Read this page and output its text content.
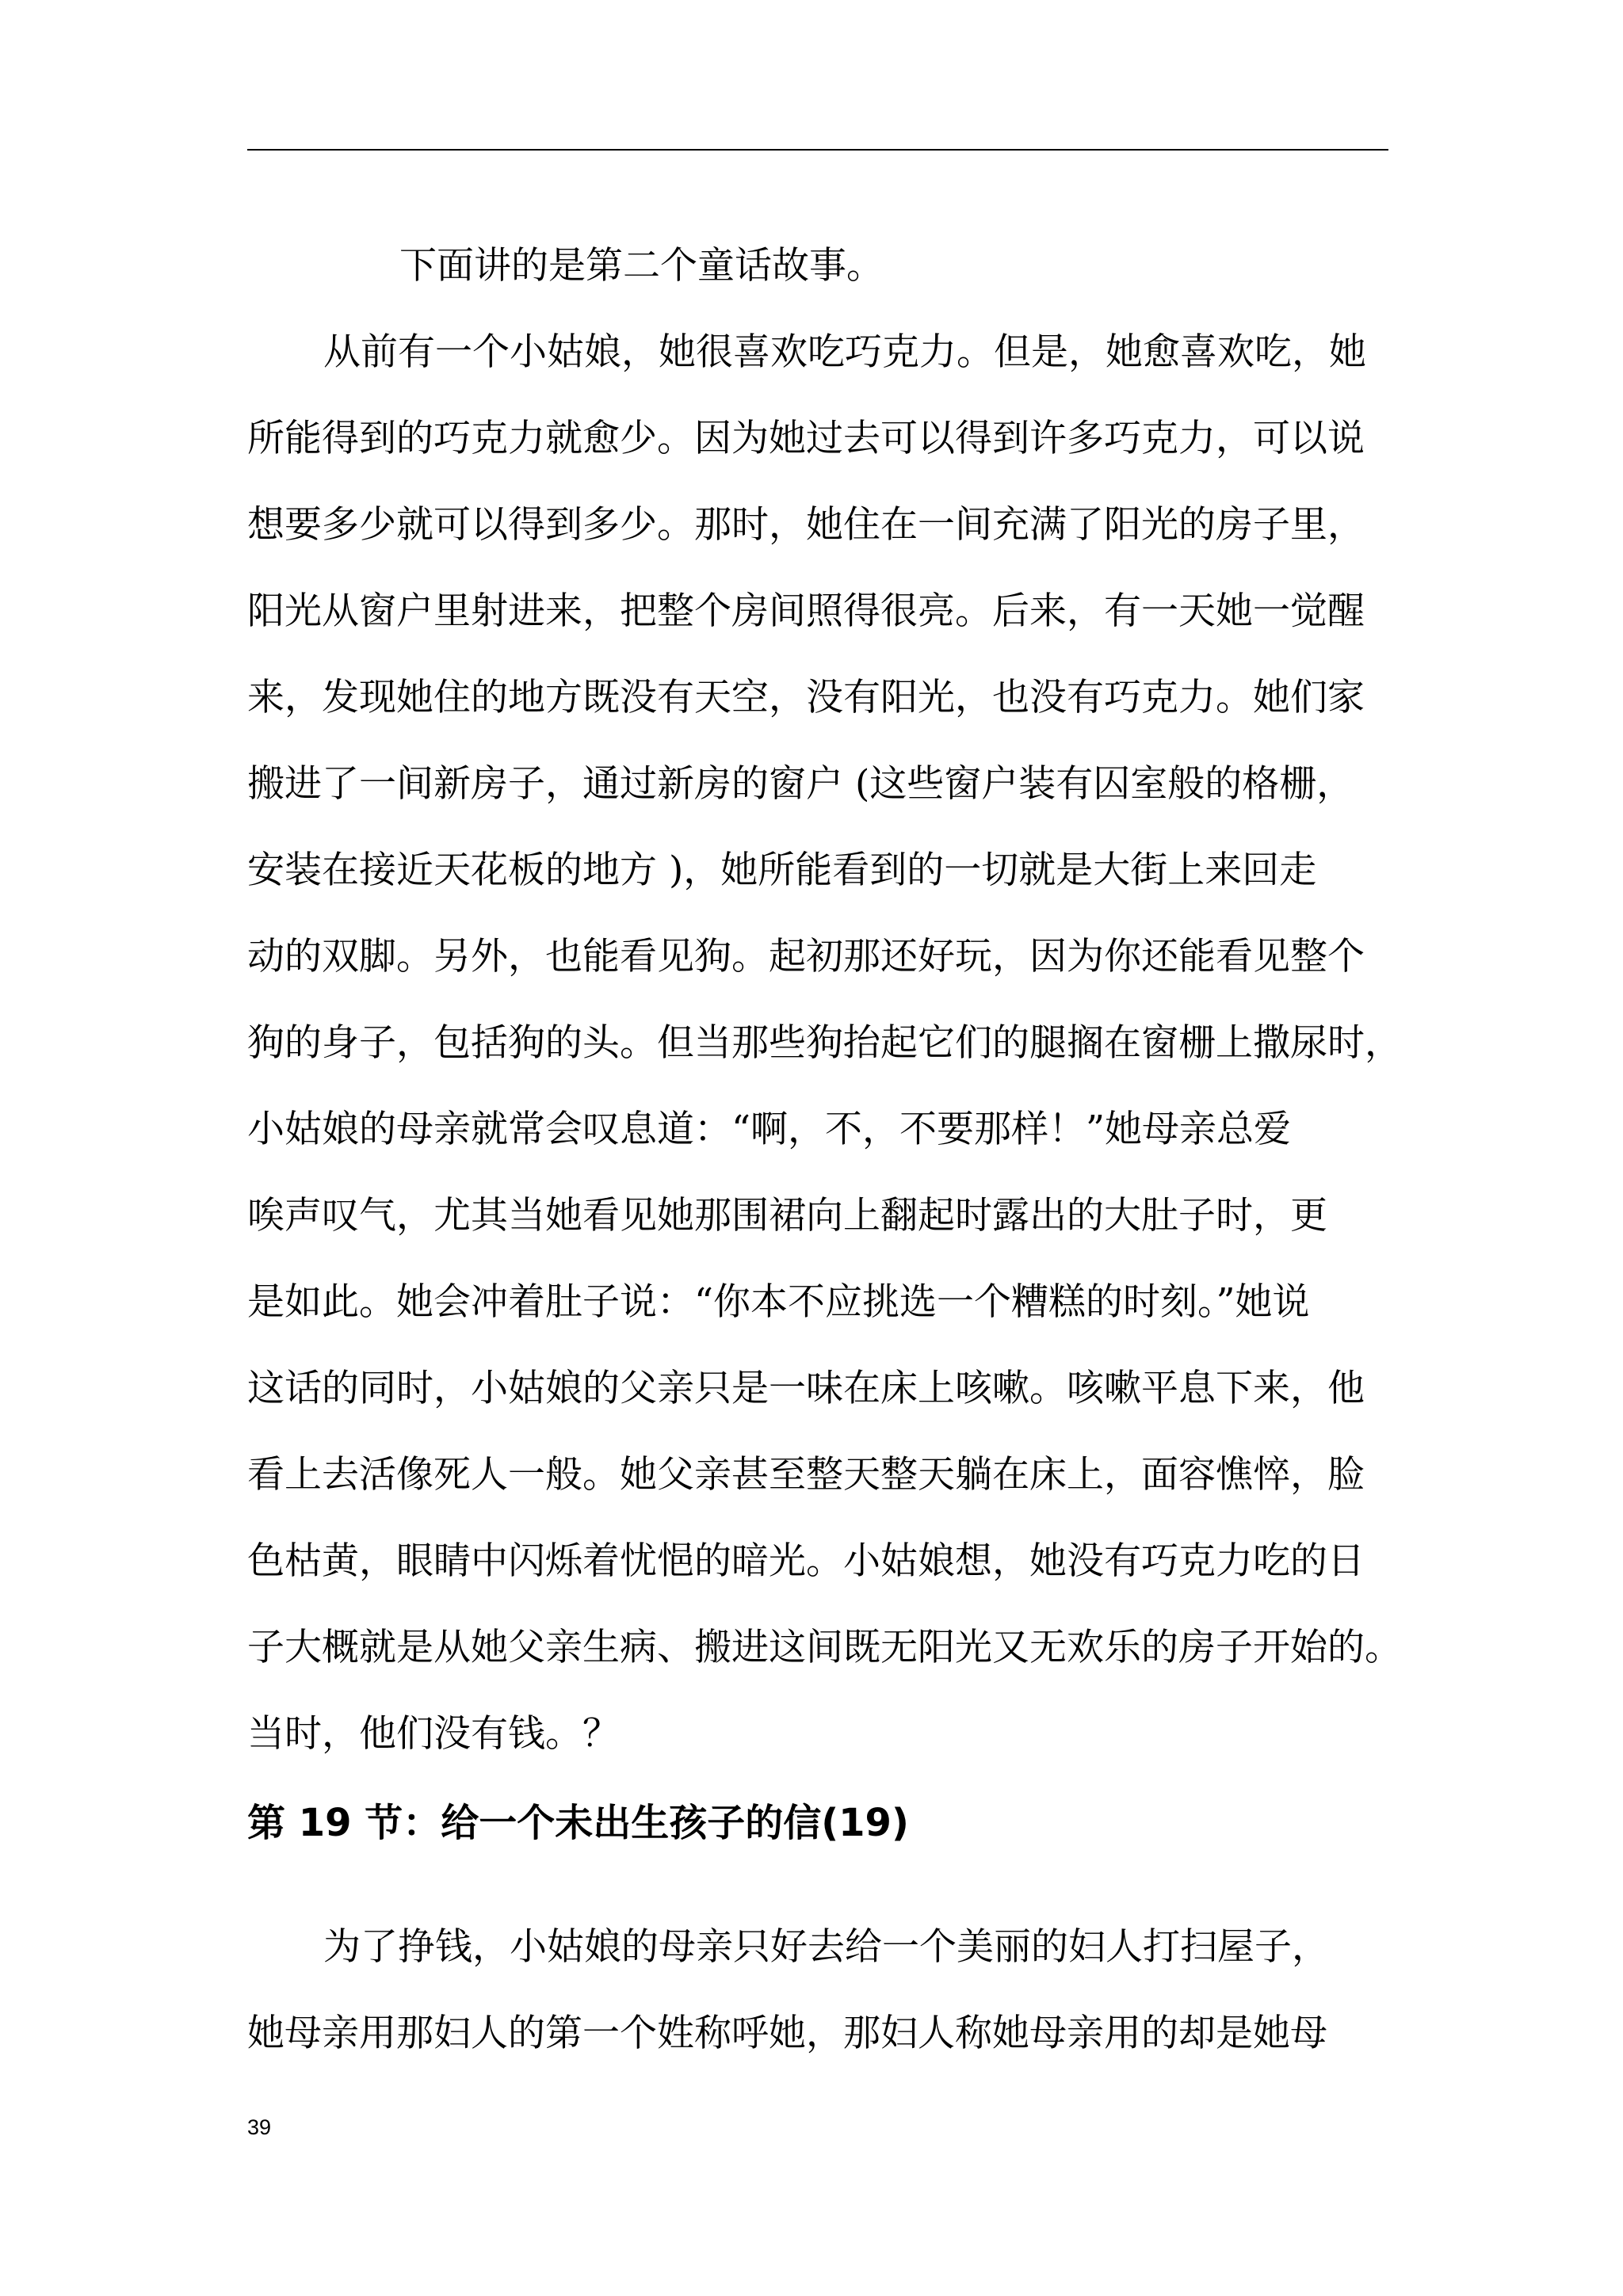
下面讲的是第二个童话故事。
从前有一个小姑娘，她很喜欢吃巧克力。但是，她愈喜欢吃，她
所能得到的巧克力就愈少。因为她过去可以得到许多巧克力，可以说
想要多少就可以得到多少。那时，她住在一间充满了阳光的房子里，
阳光从窗户里射进来，把整个房间照得很亮。后来，有一天她一觉醒
来，发现她住的地方既没有天空，没有阳光，也没有巧克力。她们家
搬进了一间新房子，通过新房的窗户 (这些窗户装有囚室般的格栅，
安装在接近天花板的地方 )，她所能看到的一切就是大街上来回走
动的双脚。另外，也能看见狗。起初那还好玩，因为你还能看见整个
狗的身子，包括狗的头。但当那些狗抬起它们的腿搁在窗栅上撒尿时，
小姑娘的母亲就常会叹息道：“啊，不，不要那样！”她母亲总爱
唉声叹气，尤其当她看见她那围裙向上翻起时露出的大肚子时，更
是如此。她会冲着肚子说：“你本不应挑选一个糟糕的时刻。”她说
这话的同时，小姑娘的父亲只是一味在床上咳嗽。咳嗽平息下来，他
看上去活像死人一般。她父亲甚至整天整天躺在床上，面容憔悴，脸
色枯黄，眼睛中闪烁着忧悒的暗光。小姑娘想，她没有巧克力吃的日
子大概就是从她父亲生病、搬进这间既无阳光又无欢乐的房子开始的。
当时，他们没有钱。？
第 19 节：给一个未出生孩子的信(19)
为了挣钱，小姑娘的母亲只好去给一个美丽的妇人打扫屋子，
她母亲用那妇人的第一个姓称呼她，那妇人称她母亲用的却是她母
39
